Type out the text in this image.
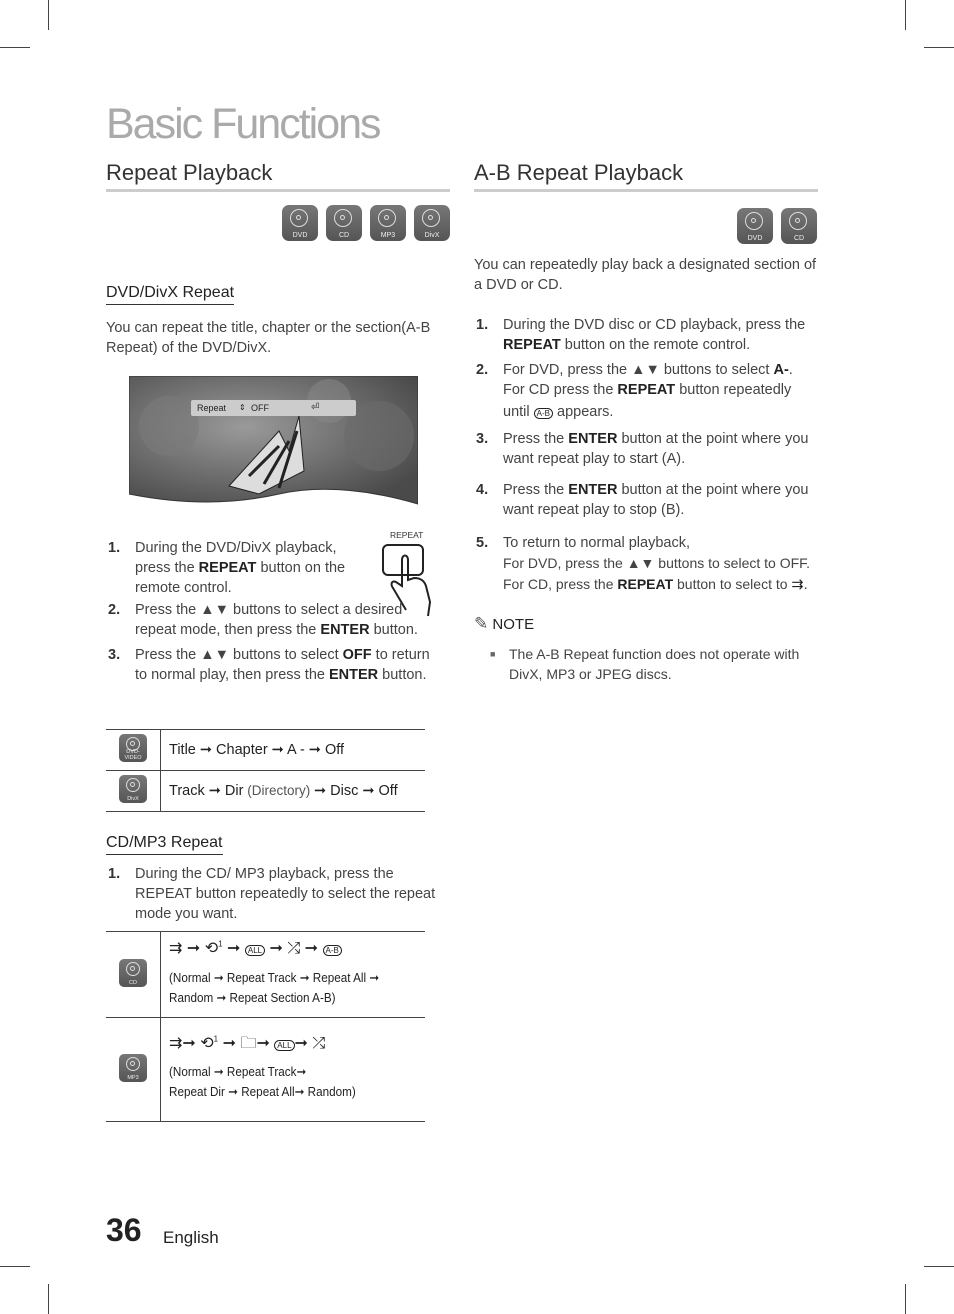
Basic Functions
Repeat Playback
DVD	CD	MP3	DivX
DVD/DivX Repeat
You can repeat the title, chapter or the section(A-B Repeat) of the DVD/DivX.
Repeat ⇕ OFF	⏎
REPEAT
1. During the DVD/DivX playback, press the REPEAT button on the remote control.
2. Press the ▲▼ buttons to select a desired repeat mode, then press the ENTER button.
3. Press the ▲▼ buttons to select OFF to return to normal play, then press the ENTER button.
DVD-VIDEO	Title ➞ Chapter ➞ A - ➞ Off

DivX	Track ➞ Dir (Directory) ➞ Disc ➞ Off
CD/MP3 Repeat
1. During the CD/ MP3 playback, press the REPEAT button repeatedly to select the repeat mode you want.
CD	⇉ ➞ ⟲$^1$ ➞ ALL ➞ ⤮ ➞ A-B
(Normal ➞ Repeat Track ➞ Repeat All ➞
Random ➞ Repeat Section A-B)

MP3	⇉➞ ⟲$^1$ ➞ 🗀➞ ALL ➞ ⤮
(Normal ➞ Repeat Track➞
Repeat Dir ➞ Repeat All➞ Random)
A-B Repeat Playback
DVD	CD
You can repeatedly play back a designated section of a DVD or CD.
1. During the DVD disc or CD playback, press the REPEAT button on the remote control.
2. For DVD, press the ▲▼ buttons to select A-.
For CD press the REPEAT button repeatedly
until A-B appears.
3. Press the ENTER button at the point where you want repeat play to start (A).
4. Press the ENTER button at the point where you want repeat play to stop (B).
5. To return to normal playback,
For DVD, press the ▲▼ buttons to select to OFF.
For CD, press the REPEAT button to select to ⇉.
✎ NOTE
■ The A-B Repeat function does not operate with DivX, MP3 or JPEG discs.
36 English
